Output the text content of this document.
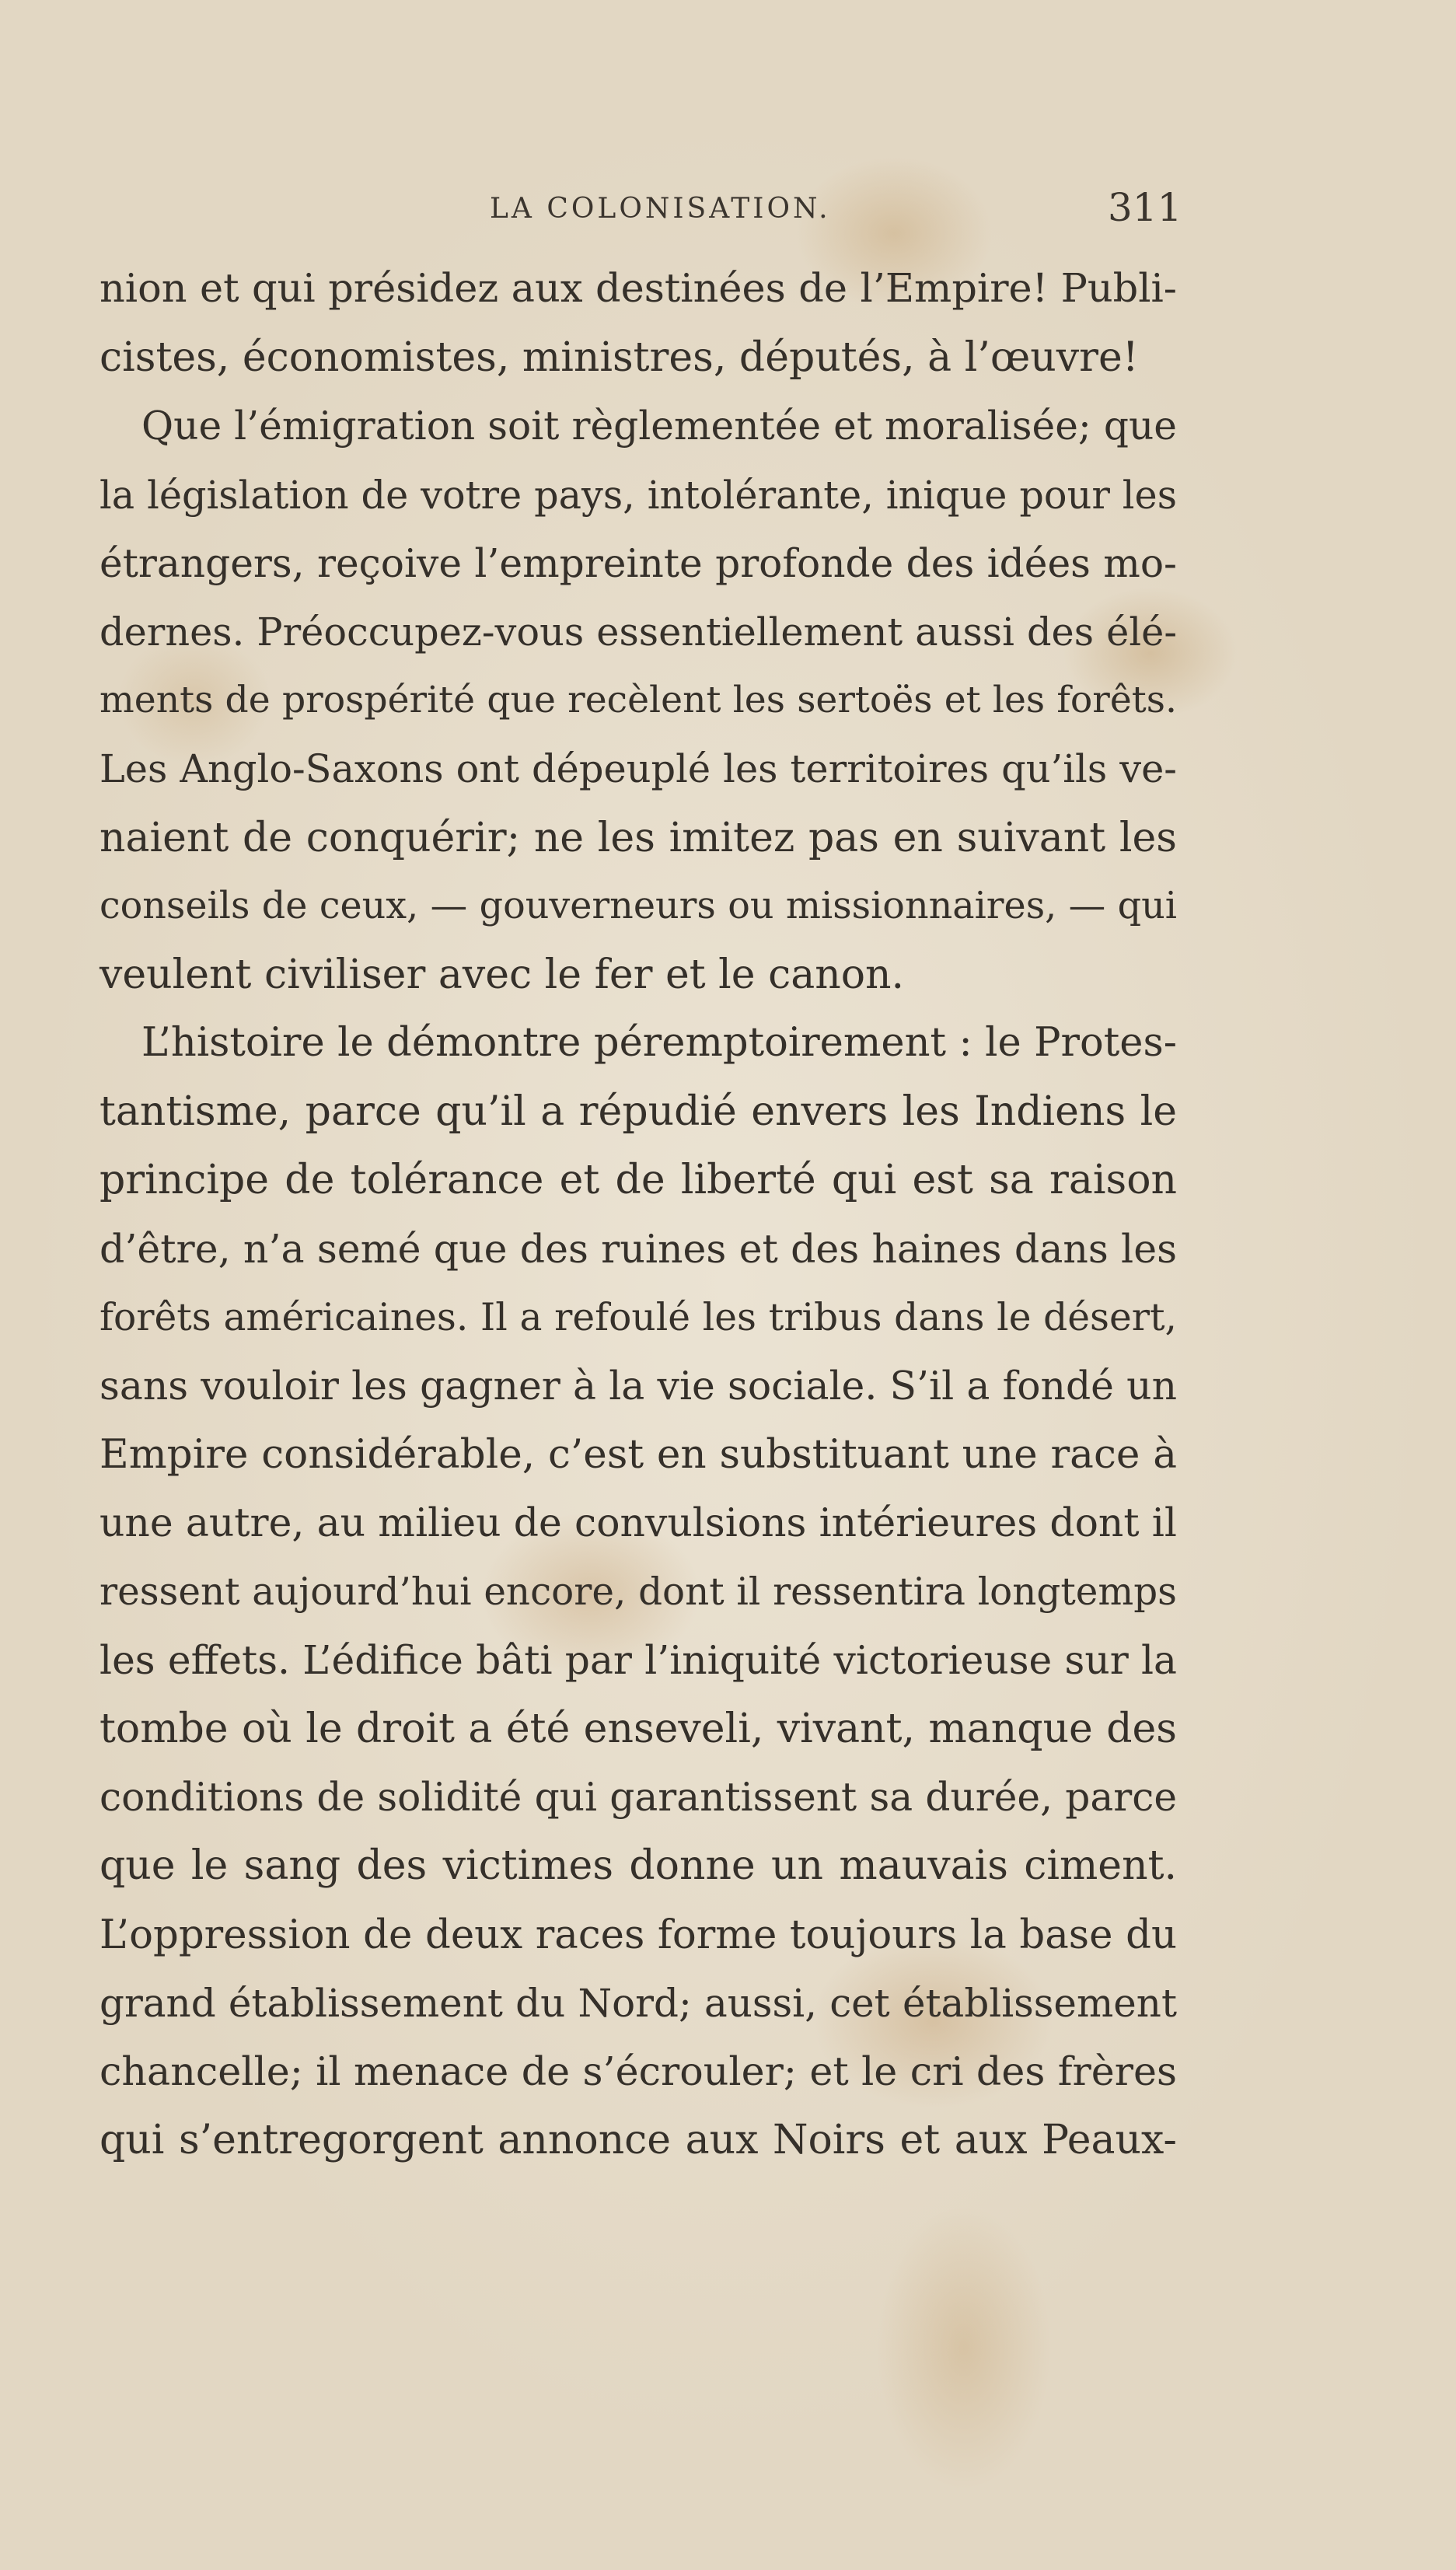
LA COLONISATION.	311
nion et qui présidez aux destinées de l’Empire! Publi-
cistes, économistes, ministres, députés, à l’œuvre!
Que l’émigration soit règlementée et moralisée; que
la législation de votre pays, intolérante, inique pour les
étrangers, reçoive l’empreinte profonde des idées mo-
dernes. Préoccupez-vous essentiellement aussi des élé-
ments de prospérité que recèlent les sertoës et les forêts.
Les Anglo-Saxons ont dépeuplé les territoires qu’ils ve-
naient de conquérir; ne les imitez pas en suivant les
conseils de ceux, — gouverneurs ou missionnaires, — qui
veulent civiliser avec le fer et le canon.
L’histoire le démontre péremptoirement : le Protes-
tantisme, parce qu’il a répudié envers les Indiens le
principe de tolérance et de liberté qui est sa raison
d’être, n’a semé que des ruines et des haines dans les
forêts américaines. Il a refoulé les tribus dans le désert,
sans vouloir les gagner à la vie sociale. S’il a fondé un
Empire considérable, c’est en substituant une race à
une autre, au milieu de convulsions intérieures dont il
ressent aujourd’hui encore, dont il ressentira longtemps
les effets. L’édifice bâti par l’iniquité victorieuse sur la
tombe où le droit a été enseveli, vivant, manque des
conditions de solidité qui garantissent sa durée, parce
que le sang des victimes donne un mauvais ciment.
L’oppression de deux races forme toujours la base du
grand établissement du Nord; aussi, cet établissement
chancelle; il menace de s’écrouler; et le cri des frères
qui s’entregorgent annonce aux Noirs et aux Peaux-
